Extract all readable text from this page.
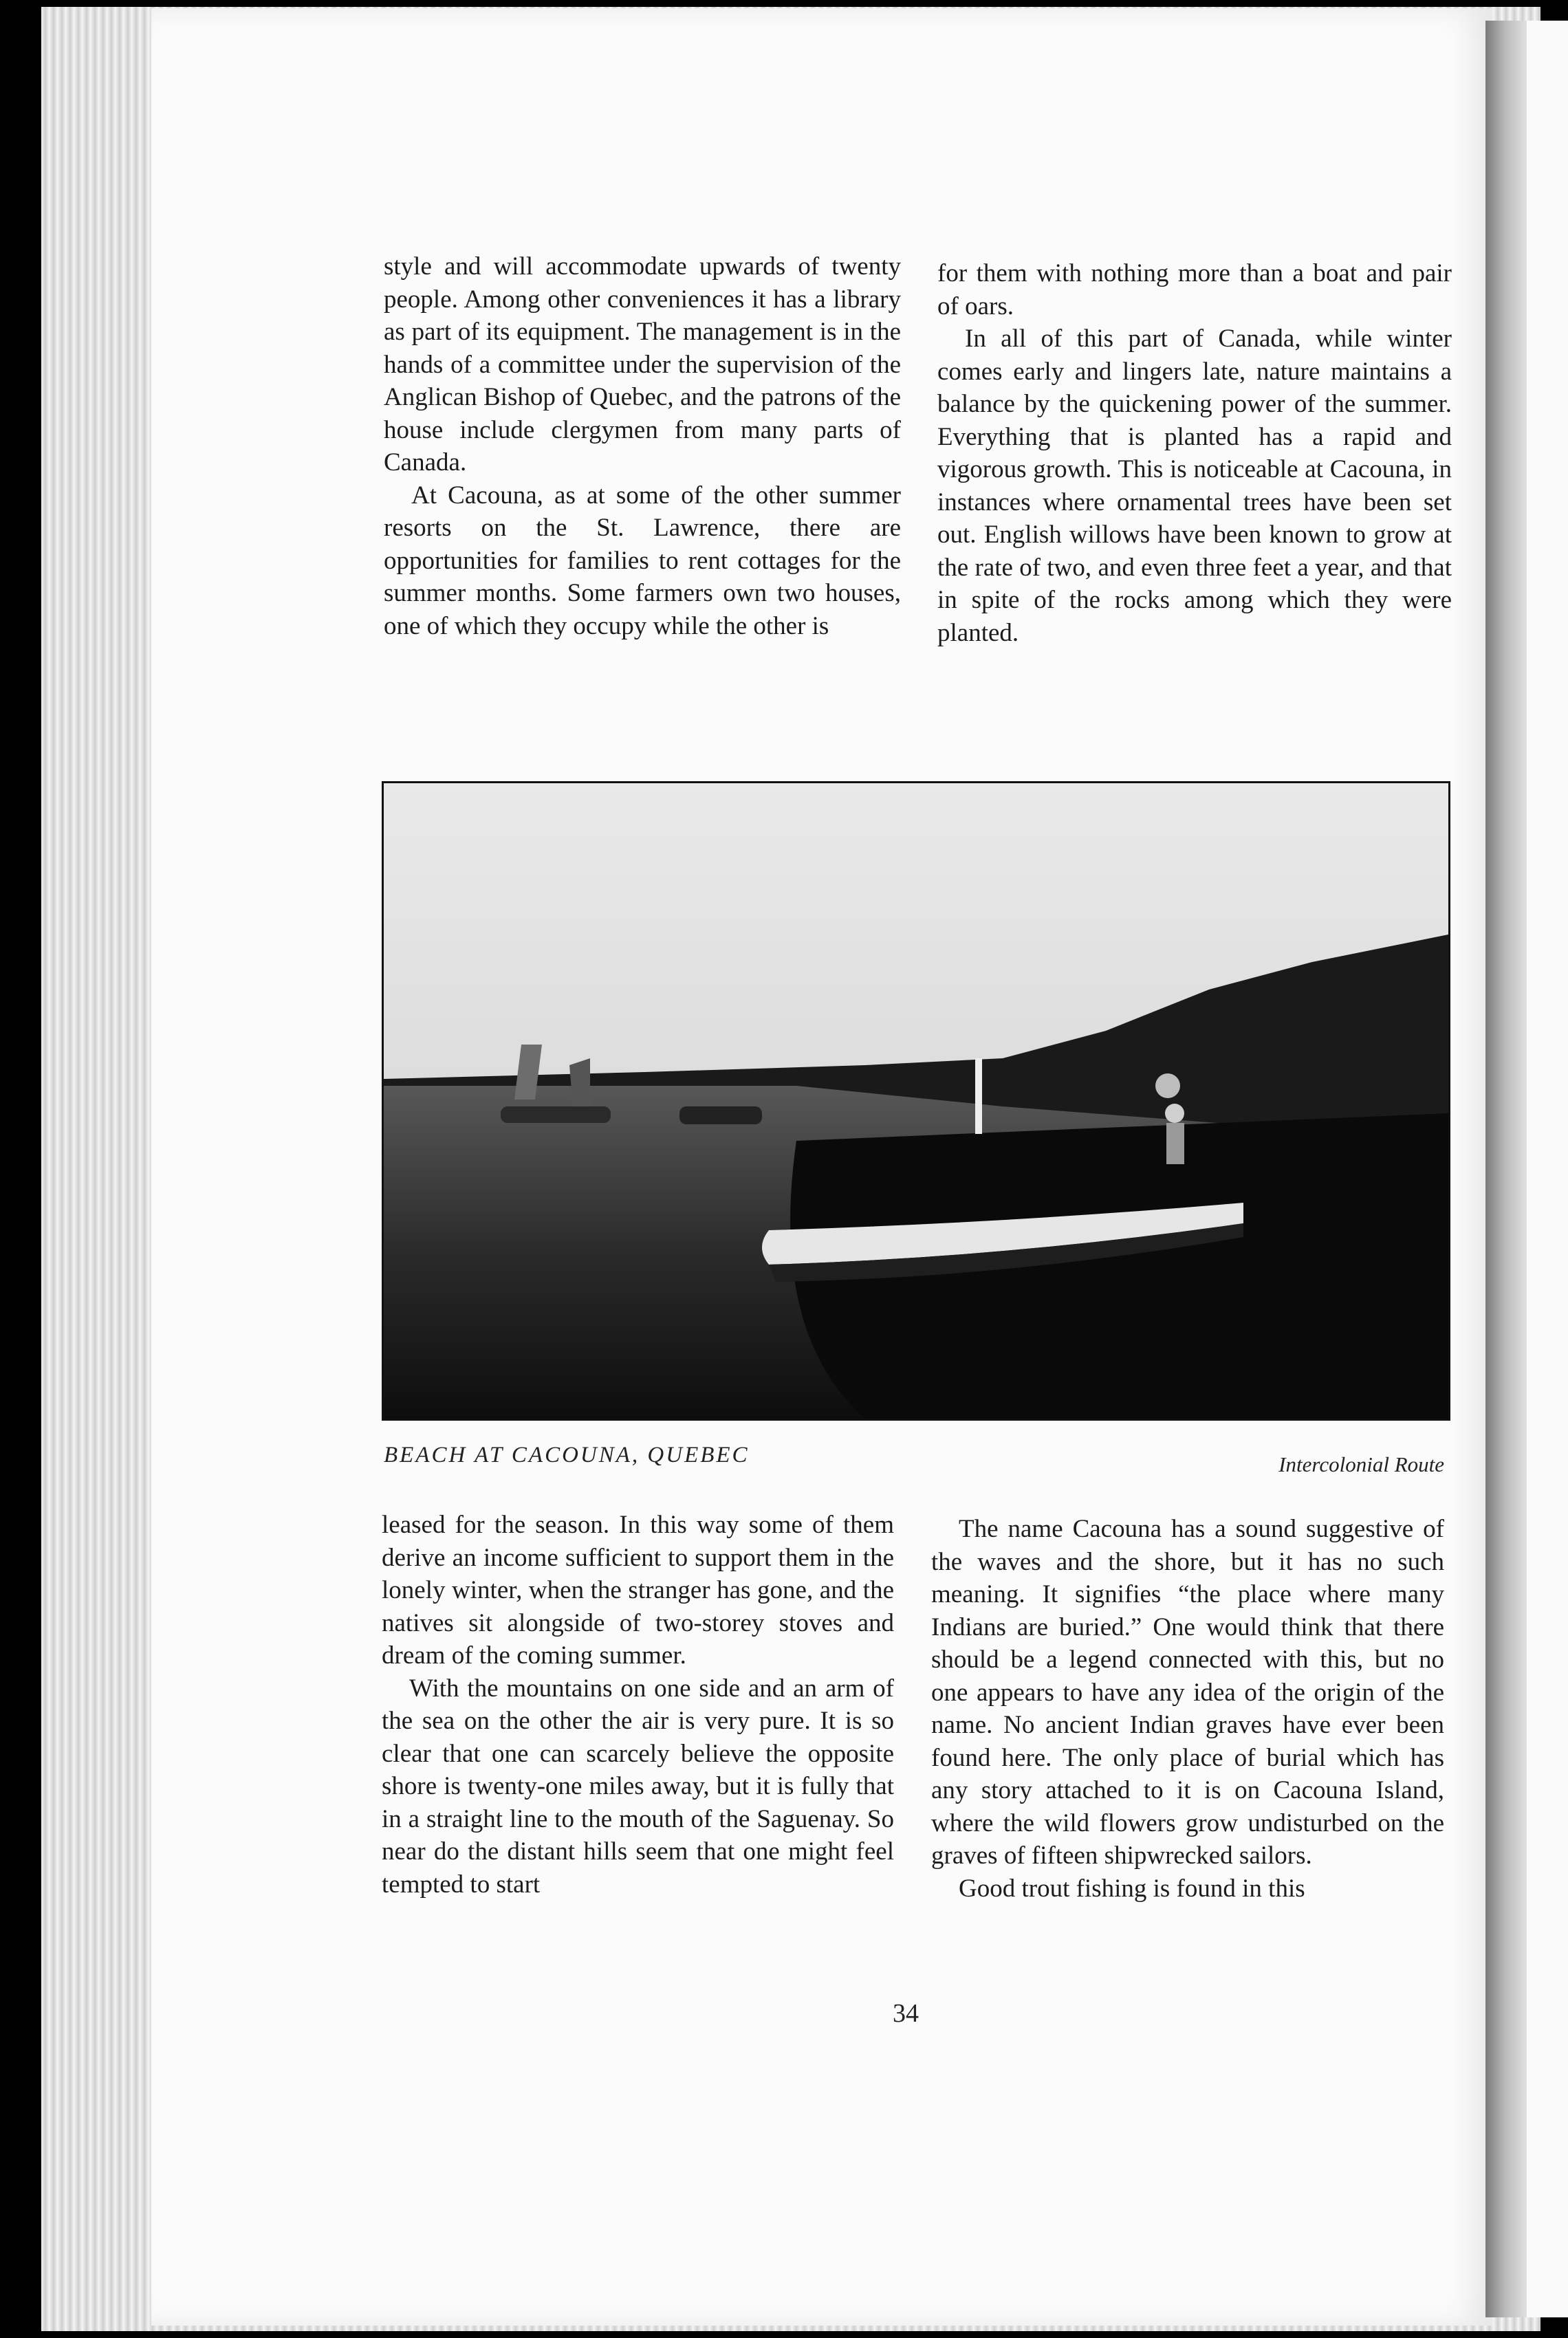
style and will accommodate upwards of twenty people. Among other conveniences it has a library as part of its equipment. The management is in the hands of a committee under the supervision of the Anglican Bishop of Quebec, and the patrons of the house include clergymen from many parts of Canada.

At Cacouna, as at some of the other summer resorts on the St. Lawrence, there are opportunities for families to rent cottages for the summer months. Some farmers own two houses, one of which they occupy while the other is

for them with nothing more than a boat and pair of oars.

In all of this part of Canada, while winter comes early and lingers late, nature maintains a balance by the quickening power of the summer. Everything that is planted has a rapid and vigorous growth. This is noticeable at Cacouna, in instances where ornamental trees have been set out. English willows have been known to grow at the rate of two, and even three feet a year, and that in spite of the rocks among which they were planted.

BEACH AT CACOUNA, QUEBEC	Intercolonial Route

leased for the season. In this way some of them derive an income sufficient to support them in the lonely winter, when the stranger has gone, and the natives sit alongside of two-storey stoves and dream of the coming summer.

With the mountains on one side and an arm of the sea on the other the air is very pure. It is so clear that one can scarcely believe the opposite shore is twenty-one miles away, but it is fully that in a straight line to the mouth of the Saguenay. So near do the distant hills seem that one might feel tempted to start

The name Cacouna has a sound suggestive of the waves and the shore, but it has no such meaning. It signifies “the place where many Indians are buried.” One would think that there should be a legend connected with this, but no one appears to have any idea of the origin of the name. No ancient Indian graves have ever been found here. The only place of burial which has any story attached to it is on Cacouna Island, where the wild flowers grow undisturbed on the graves of fifteen shipwrecked sailors.

Good trout fishing is found in this

34
